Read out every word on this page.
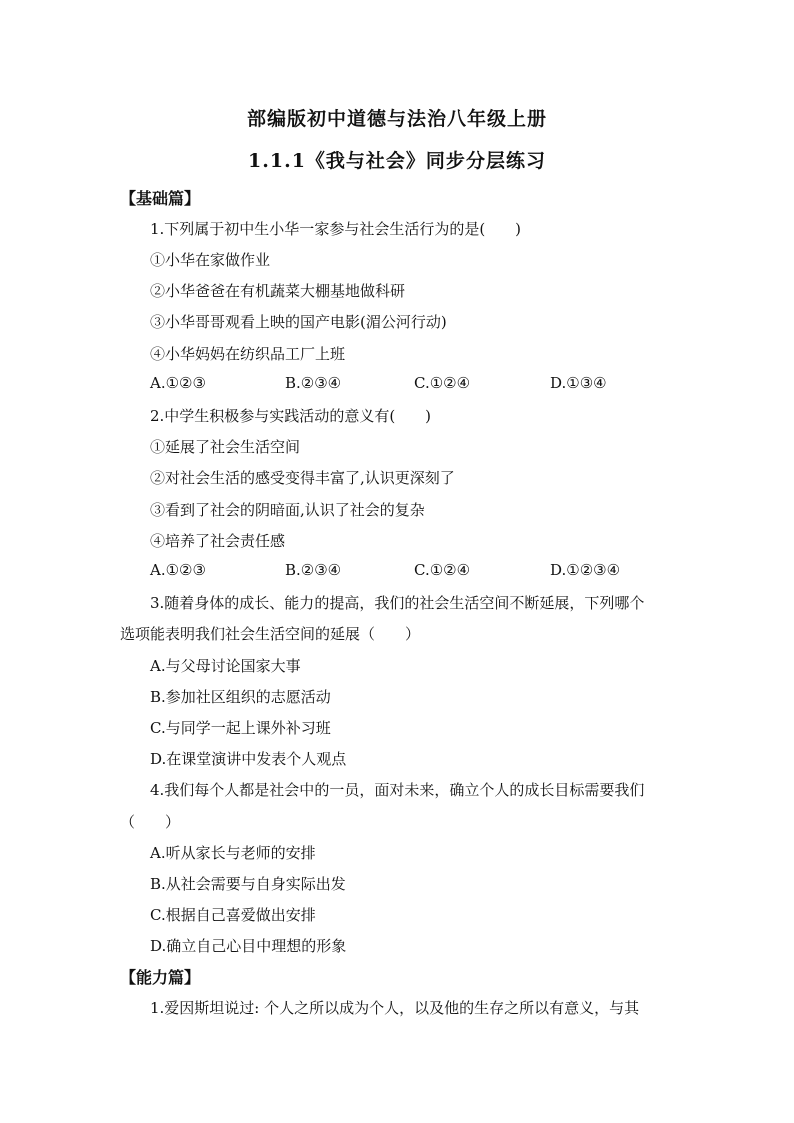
部编版初中道德与法治八年级上册
1.1.1《我与社会》同步分层练习
【基础篇】
1.下列属于初中生小华一家参与社会生活行为的是(　　)
①小华在家做作业
②小华爸爸在有机蔬菜大棚基地做科研
③小华哥哥观看上映的国产电影(湄公河行动)
④小华妈妈在纺织品工厂上班
A.①②③	B.②③④	C.①②④	D.①③④
2.中学生积极参与实践活动的意义有(　　)
①延展了社会生活空间
②对社会生活的感受变得丰富了,认识更深刻了
③看到了社会的阴暗面,认识了社会的复杂
④培养了社会责任感
A.①②③	B.②③④	C.①②④	D.①②③④
3.随着身体的成长、能力的提高，我们的社会生活空间不断延展，下列哪个
选项能表明我们社会生活空间的延展（　　）
A.与父母讨论国家大事
B.参加社区组织的志愿活动
C.与同学一起上课外补习班
D.在课堂演讲中发表个人观点
4.我们每个人都是社会中的一员，面对未来，确立个人的成长目标需要我们
（　　）
A.听从家长与老师的安排
B.从社会需要与自身实际出发
C.根据自己喜爱做出安排
D.确立自己心目中理想的形象
【能力篇】
1.爱因斯坦说过: 个人之所以成为个人，以及他的生存之所以有意义，与其
